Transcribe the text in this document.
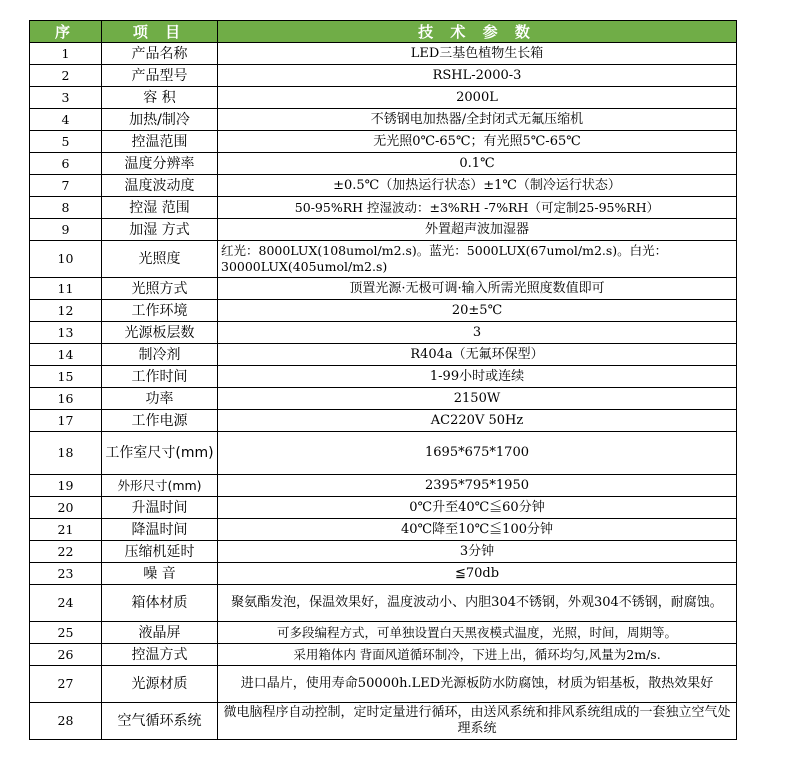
序	项 目	技 术 参 数
1	产品名称	LED三基色植物生长箱
2	产品型号	RSHL-2000-3
3	容 积	2000L
4	加热/制冷	不锈钢电加热器/全封闭式无氟压缩机
5	控温范围	无光照0℃-65℃；有光照5℃-65℃
6	温度分辨率	0.1℃
7	温度波动度	±0.5℃（加热运行状态）±1℃（制冷运行状态）
8	控湿 范围	50-95%RH 控湿波动：±3%RH -7%RH（可定制25-95%RH）
9	加湿 方式	外置超声波加湿器
10	光照度	红光：8000LUX(108umol/m2.s)。蓝光：5000LUX(67umol/m2.s)。白光：30000LUX(405umol/m2.s)
11	光照方式	顶置光源·无极可调·输入所需光照度数值即可
12	工作环境	20±5℃
13	光源板层数	3
14	制冷剂	R404a（无氟环保型）
15	工作时间	1-99小时或连续
16	功率	2150W
17	工作电源	AC220V 50Hz
18	工作室尺寸(mm)	1695*675*1700
19	外形尺寸(mm)	2395*795*1950
20	升温时间	0℃升至40℃≦60分钟
21	降温时间	40℃降至10℃≦100分钟
22	压缩机延时	3分钟
23	噪 音	≦70db
24	箱体材质	聚氨酯发泡，保温效果好，温度波动小、内胆304不锈钢，外观304不锈钢，耐腐蚀。
25	液晶屏	可多段编程方式，可单独设置白天黑夜模式温度，光照，时间，周期等。
26	控温方式	采用箱体内 背面风道循环制冷，下进上出，循环均匀,风量为2m/s.
27	光源材质	进口晶片，使用寿命50000h.LED光源板防水防腐蚀，材质为铝基板，散热效果好
28	空气循环系统	微电脑程序自动控制，定时定量进行循环，由送风系统和排风系统组成的一套独立空气处理系统
